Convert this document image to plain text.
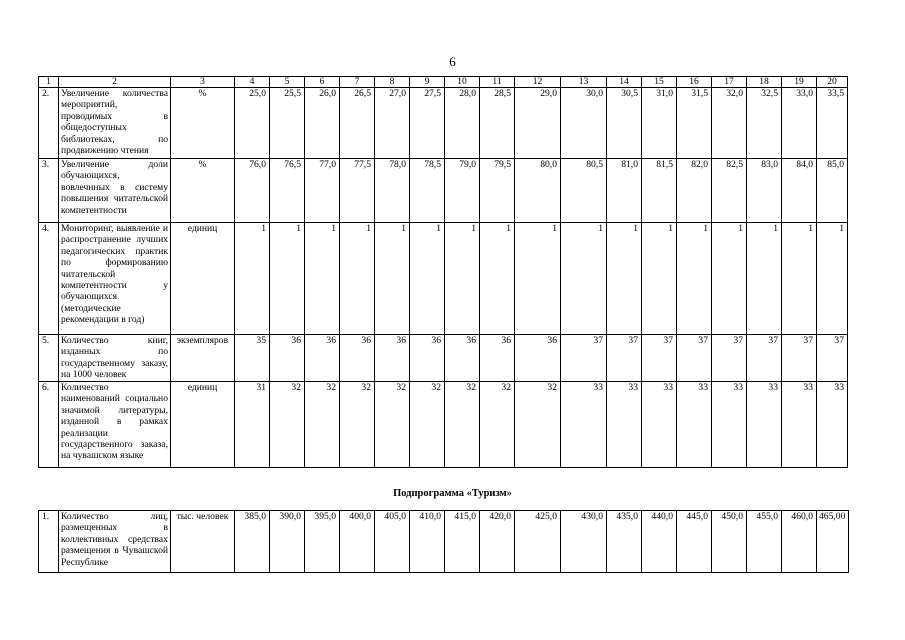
6
1	2	3	4	5	6	7	8	9	10	11	12	13	14	15	16	17	18	19	20
2.	Увеличение количества мероприятий, проводимых в общедоступных библиотеках, по продвижению чтения	%	25,0	25,5	26,0	26,5	27,0	27,5	28,0	28,5	29,0	30,0	30,5	31,0	31,5	32,0	32,5	33,0	33,5
3.	Увеличение доли обучающихся, вовлечнных в систему повышения читательской компетентности	%	76,0	76,5	77,0	77,5	78,0	78,5	79,0	79,5	80,0	80,5	81,0	81,5	82,0	82,5	83,0	84,0	85,0
4.	Мониторинг, выявление и распространение лучших педагогических практик по формированию читательской компетентности у обучающихся (методические рекомендации в год)	единиц	1	1	1	1	1	1	1	1	1	1	1	1	1	1	1	1	1
5.	Количество книг, изданных по государственному заказу, на 1000 человек	экземпляров	35	36	36	36	36	36	36	36	36	37	37	37	37	37	37	37	37
6.	Количество наименований социально значимой литературы, изданной в рамках реализации государственного заказа, на чувашском языке	единиц	31	32	32	32	32	32	32	32	32	33	33	33	33	33	33	33	33
Подпрограмма «Туризм»
1.	Количество лиц, размещенных в коллективных средствах размещения в Чувашской Республике	тыс. человек	385,0	390,0	395,0	400,0	405,0	410,0	415,0	420,0	425,0	430,0	435,0	440,0	445,0	450,0	455,0	460,0	465,00
